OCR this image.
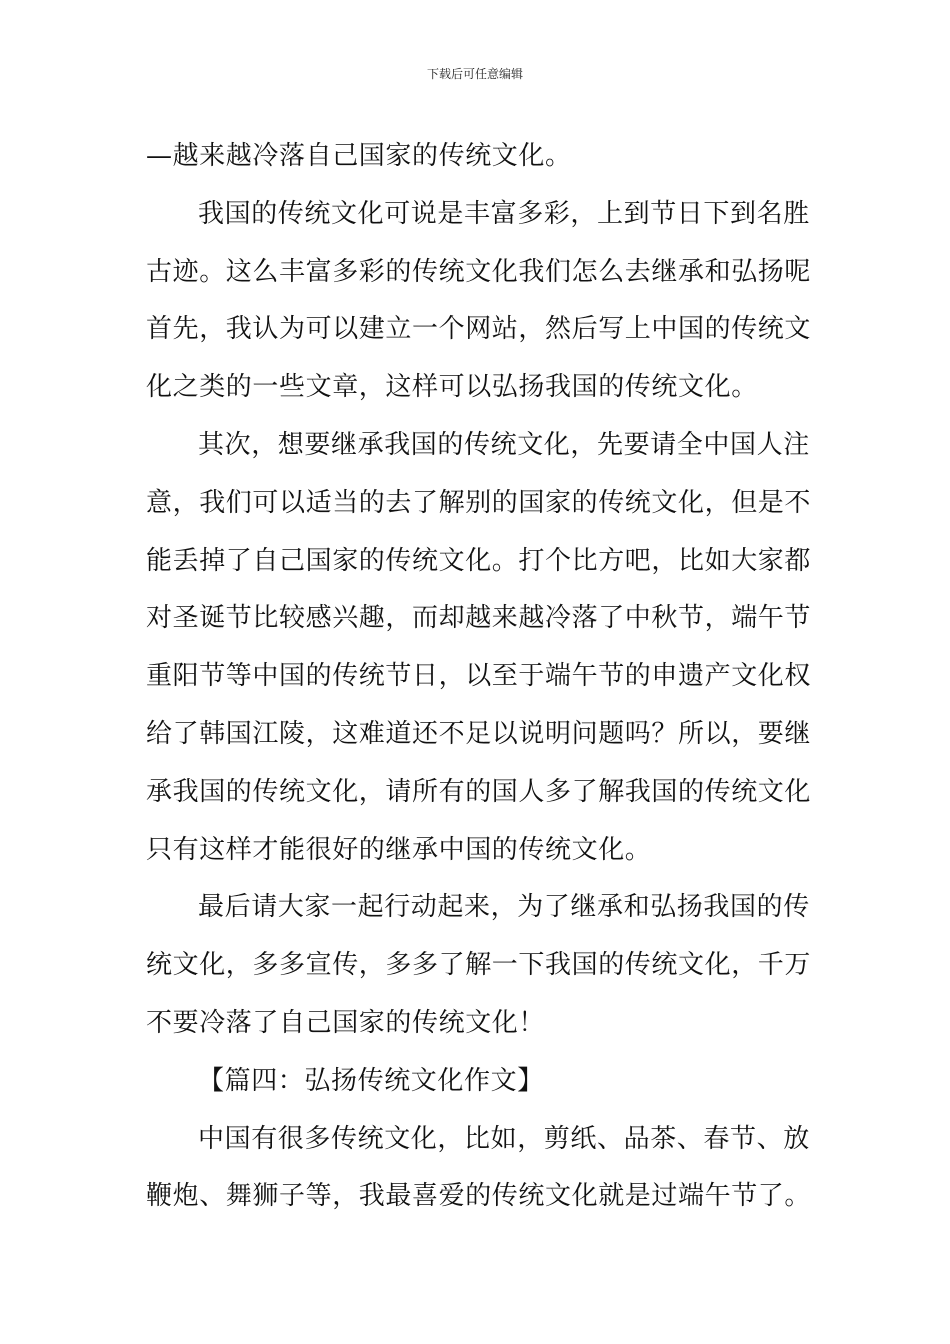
下载后可任意编辑
—越来越冷落自己国家的传统文化。
我国的传统文化可说是丰富多彩，上到节日下到名胜
古迹。这么丰富多彩的传统文化我们怎么去继承和弘扬呢
首先，我认为可以建立一个网站，然后写上中国的传统文
化之类的一些文章，这样可以弘扬我国的传统文化。
其次，想要继承我国的传统文化，先要请全中国人注
意，我们可以适当的去了解别的国家的传统文化，但是不
能丢掉了自己国家的传统文化。打个比方吧，比如大家都
对圣诞节比较感兴趣，而却越来越冷落了中秋节，端午节
重阳节等中国的传统节日，以至于端午节的申遗产文化权
给了韩国江陵，这难道还不足以说明问题吗？所以，要继
承我国的传统文化，请所有的国人多了解我国的传统文化
只有这样才能很好的继承中国的传统文化。
最后请大家一起行动起来，为了继承和弘扬我国的传
统文化，多多宣传，多多了解一下我国的传统文化，千万
不要冷落了自己国家的传统文化！
【篇四：弘扬传统文化作文】
中国有很多传统文化，比如，剪纸、品茶、春节、放
鞭炮、舞狮子等，我最喜爱的传统文化就是过端午节了。
